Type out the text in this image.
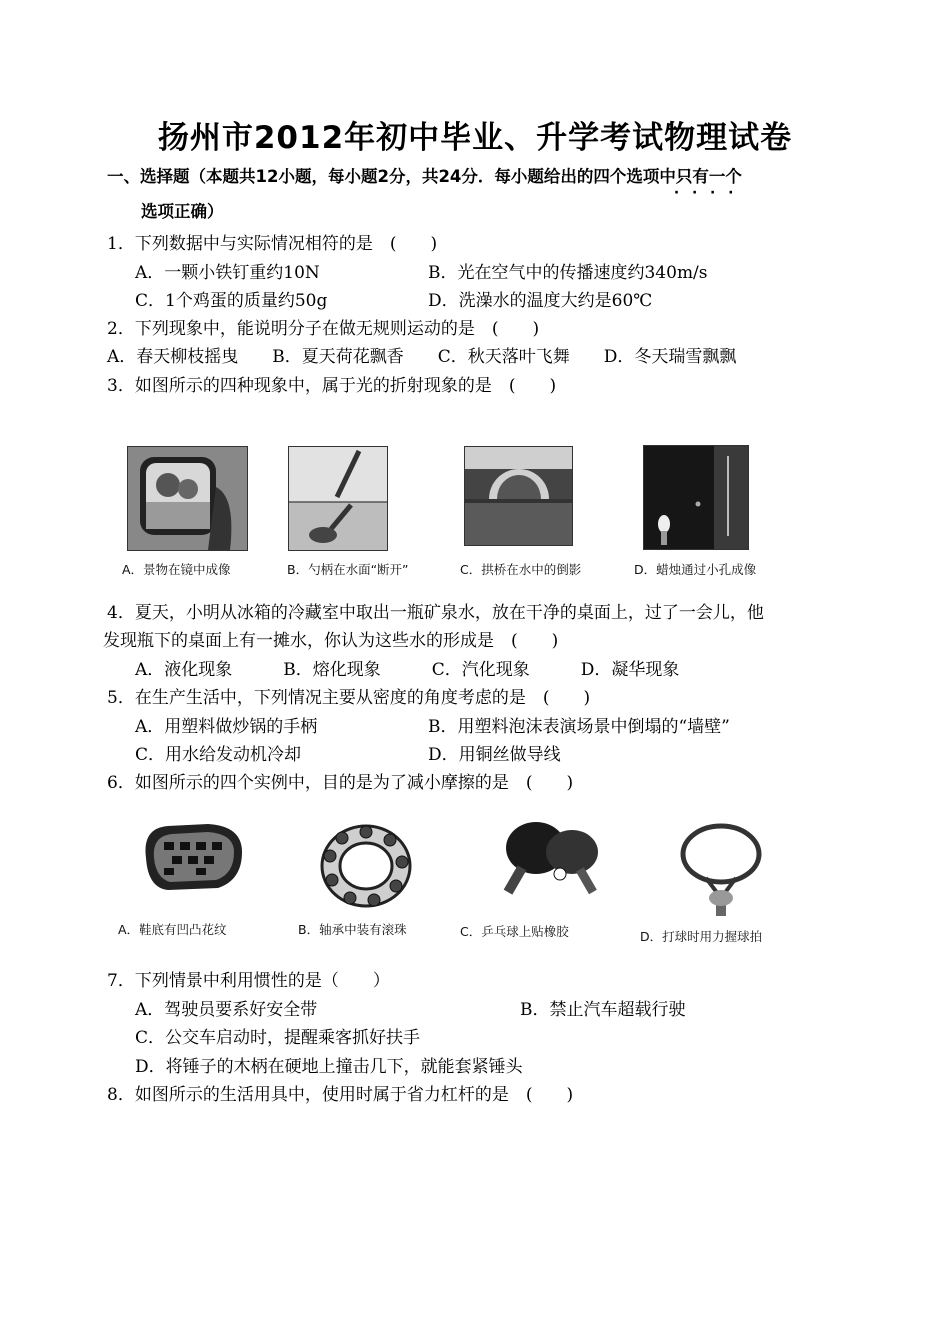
扬州市2012年初中毕业、升学考试物理试卷
一、选择题（本题共12小题，每小题2分，共24分．每小题给出的四个选项中只有一个 · ·
选项正确）
1．下列数据中与实际情况相符的是　(　　)
A．一颗小铁钉重约10N	B．光在空气中的传播速度约340m/s
C．1个鸡蛋的质量约50g	D．洗澡水的温度大约是60℃
2．下列现象中，能说明分子在做无规则运动的是　(　　)
A．春天柳枝摇曳　　B．夏天荷花飘香　　C．秋天落叶飞舞　　D．冬天瑞雪飘飘
3．如图所示的四种现象中，属于光的折射现象的是　(　　)
A．景物在镜中成像	B．勺柄在水面“断开”	C．拱桥在水中的倒影	D．蜡烛通过小孔成像
4．夏天，小明从冰箱的冷藏室中取出一瓶矿泉水，放在干净的桌面上，过了一会儿，他
发现瓶下的桌面上有一摊水，你认为这些水的形成是　(　　)
A．液化现象　　　B．熔化现象　　　C．汽化现象　　　D．凝华现象
5．在生产生活中，下列情况主要从密度的角度考虑的是　(　　)
A．用塑料做炒锅的手柄	B．用塑料泡沫表演场景中倒塌的“墙壁”
C．用水给发动机冷却	D．用铜丝做导线
6．如图所示的四个实例中，目的是为了减小摩擦的是　(　　)
A．鞋底有凹凸花纹	B．轴承中装有滚珠	C．乒乓球上贴橡胶	D．打球时用力握球拍
7．下列情景中利用惯性的是（　　）
A．驾驶员要系好安全带	B．禁止汽车超载行驶
C．公交车启动时，提醒乘客抓好扶手
D．将锤子的木柄在硬地上撞击几下，就能套紧锤头
8．如图所示的生活用具中，使用时属于省力杠杆的是　(　　)
